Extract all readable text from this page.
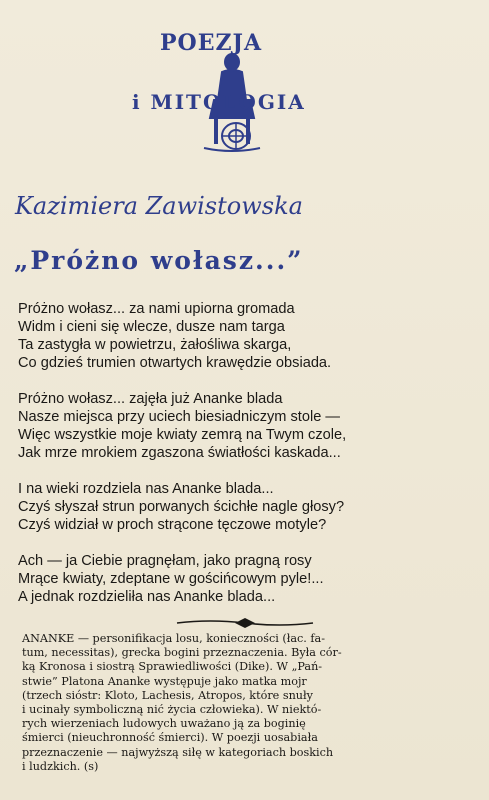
POEZJA
i MITOLOGIA
Kazimiera Zawistowska
„Próżno wołasz...”
Próżno wołasz... za nami upiorna gromada
Widm i cieni się wlecze, dusze nam targa
Ta zastygła w powietrzu, żałośliwa skarga,
Co gdzieś trumien otwartych krawędzie obsiada.
Próżno wołasz... zajęła już Ananke blada
Nasze miejsca przy uciech biesiadniczym stole —
Więc wszystkie moje kwiaty zemrą na Twym czole,
Jak mrze mrokiem zgaszona światłości kaskada...
I na wieki rozdziela nas Ananke blada...
Czyś słyszał strun porwanych ścichłe nagle głosy?
Czyś widział w proch strącone tęczowe motyle?
Ach — ja Ciebie pragnęłam, jako pragną rosy
Mrące kwiaty, zdeptane w gościńcowym pyle!...
A jednak rozdzieliła nas Ananke blada...
ANANKE — personifikacja losu, konieczności (łac. fa-
tum, necessitas), grecka bogini przeznaczenia. Była cór-
ką Kronosa i siostrą Sprawiedliwości (Dike). W „Pań-
stwie” Platona Ananke występuje jako matka mojr
(trzech sióstr: Kloto, Lachesis, Atropos, które snuły
i ucinały symboliczną nić życia człowieka). W niektó-
rych wierzeniach ludowych uważano ją za boginię
śmierci (nieuchronność śmierci). W poezji uosabiała
przeznaczenie — najwyższą siłę w kategoriach boskich
i ludzkich. (s)
